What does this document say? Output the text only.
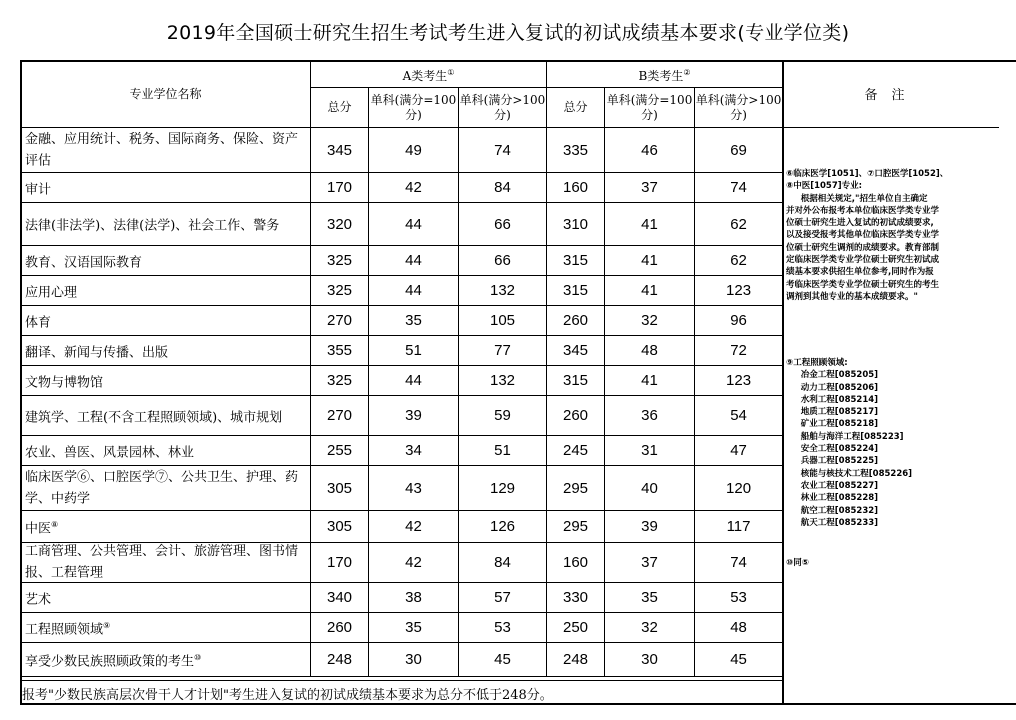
2019年全国硕士研究生招生考试考生进入复试的初试成绩基本要求(专业学位类)
专业学位名称	A类考生①			B类考生②
	总分	单科(满分=100分)	单科(满分>100分)	总分	单科(满分=100分)	单科(满分>100分)
金融、应用统计、税务、国际商务、保险、资产评估	345	49	74	335	46	69
审计	170	42	84	160	37	74
法律(非法学)、法律(法学)、社会工作、警务	320	44	66	310	41	62
教育、汉语国际教育	325	44	66	315	41	62
应用心理	325	44	132	315	41	123
体育	270	35	105	260	32	96
翻译、新闻与传播、出版	355	51	77	345	48	72
文物与博物馆	325	44	132	315	41	123
建筑学、工程(不含工程照顾领域)、城市规划	270	39	59	260	36	54
农业、兽医、风景园林、林业	255	34	51	245	31	47
临床医学⑥、口腔医学⑦、公共卫生、护理、药学、中药学	305	43	129	295	40	120
中医⑧	305	42	126	295	39	117
工商管理、公共管理、会计、旅游管理、图书情报、工程管理	170	42	84	160	37	74
艺术	340	38	57	330	35	53
工程照顾领域⑨	260	35	53	250	32	48
享受少数民族照顾政策的考生⑩	248	30	45	248	30	45
备注
⑥临床医学[1051]、⑦口腔医学[1052]、
⑧中医[1057]专业:
根据相关规定,"招生单位自主确定
并对外公布报考本单位临床医学类专业学
位硕士研究生进入复试的初试成绩要求,
以及接受报考其他单位临床医学类专业学
位硕士研究生调剂的成绩要求。教育部制
定临床医学类专业学位硕士研究生初试成
绩基本要求供招生单位参考,同时作为报
考临床医学类专业学位硕士研究生的考生
调剂到其他专业的基本成绩要求。"
⑨工程照顾领域:
冶金工程[085205]
动力工程[085206]
水利工程[085214]
地质工程[085217]
矿业工程[085218]
船舶与海洋工程[085223]
安全工程[085224]
兵器工程[085225]
核能与核技术工程[085226]
农业工程[085227]
林业工程[085228]
航空工程[085232]
航天工程[085233]
⑩同⑤
报考"少数民族高层次骨干人才计划"考生进入复试的初试成绩基本要求为总分不低于248分。
